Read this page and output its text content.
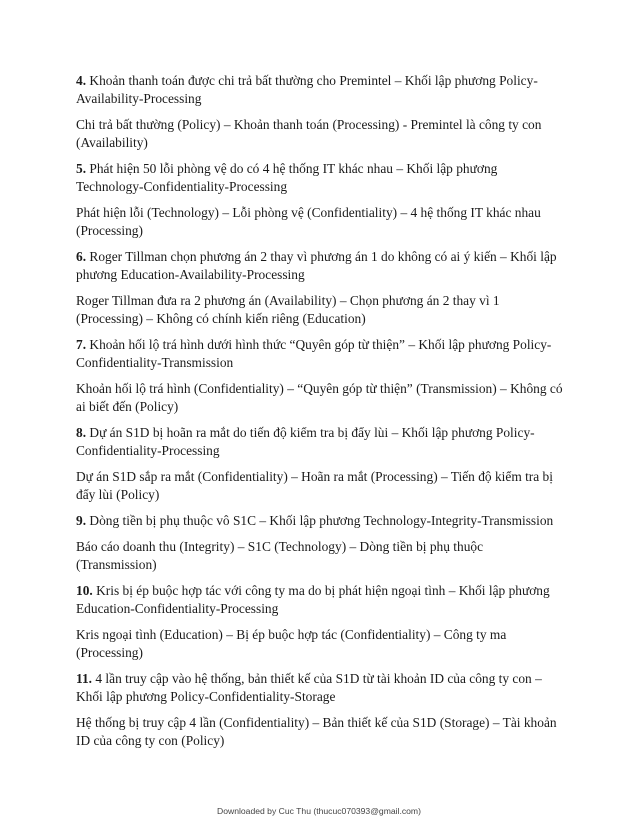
4. Khoản thanh toán được chi trả bất thường cho Premintel – Khối lập phương Policy-Availability-Processing

Chi trả bất thường (Policy) – Khoản thanh toán (Processing) - Premintel là công ty con (Availability)

5. Phát hiện 50 lỗi phòng vệ do có 4 hệ thống IT khác nhau – Khối lập phương Technology-Confidentiality-Processing

Phát hiện lỗi (Technology) – Lỗi phòng vệ (Confidentiality) – 4 hệ thống IT khác nhau (Processing)

6. Roger Tillman chọn phương án 2 thay vì phương án 1 do không có ai ý kiến – Khối lập phương Education-Availability-Processing

Roger Tillman đưa ra 2 phương án (Availability) – Chọn phương án 2 thay vì 1 (Processing) – Không có chính kiến riêng (Education)

7. Khoản hối lộ trá hình dưới hình thức “Quyên góp từ thiện” – Khối lập phương Policy-Confidentiality-Transmission

Khoản hối lộ trá hình (Confidentiality) – “Quyên góp từ thiện” (Transmission) – Không có ai biết đến (Policy)

8. Dự án S1D bị hoãn ra mắt do tiến độ kiểm tra bị đẩy lùi – Khối lập phương Policy-Confidentiality-Processing

Dự án S1D sắp ra mắt (Confidentiality) – Hoãn ra mắt (Processing) – Tiến độ kiểm tra bị đẩy lùi (Policy)

9. Dòng tiền bị phụ thuộc vô S1C – Khối lập phương Technology-Integrity-Transmission

Báo cáo doanh thu (Integrity) – S1C (Technology) – Dòng tiền bị phụ thuộc (Transmission)

10. Kris bị ép buộc hợp tác với công ty ma do bị phát hiện ngoại tình – Khối lập phương Education-Confidentiality-Processing

Kris ngoại tình (Education) – Bị ép buộc hợp tác (Confidentiality) – Công ty ma (Processing)

11. 4 lần truy cập vào hệ thống, bản thiết kế của S1D từ tài khoản ID của công ty con – Khối lập phương Policy-Confidentiality-Storage

Hệ thống bị truy cập 4 lần (Confidentiality) – Bản thiết kế của S1D (Storage) – Tài khoản ID của công ty con (Policy)

Downloaded by Cuc Thu (thucuc070393@gmail.com)
